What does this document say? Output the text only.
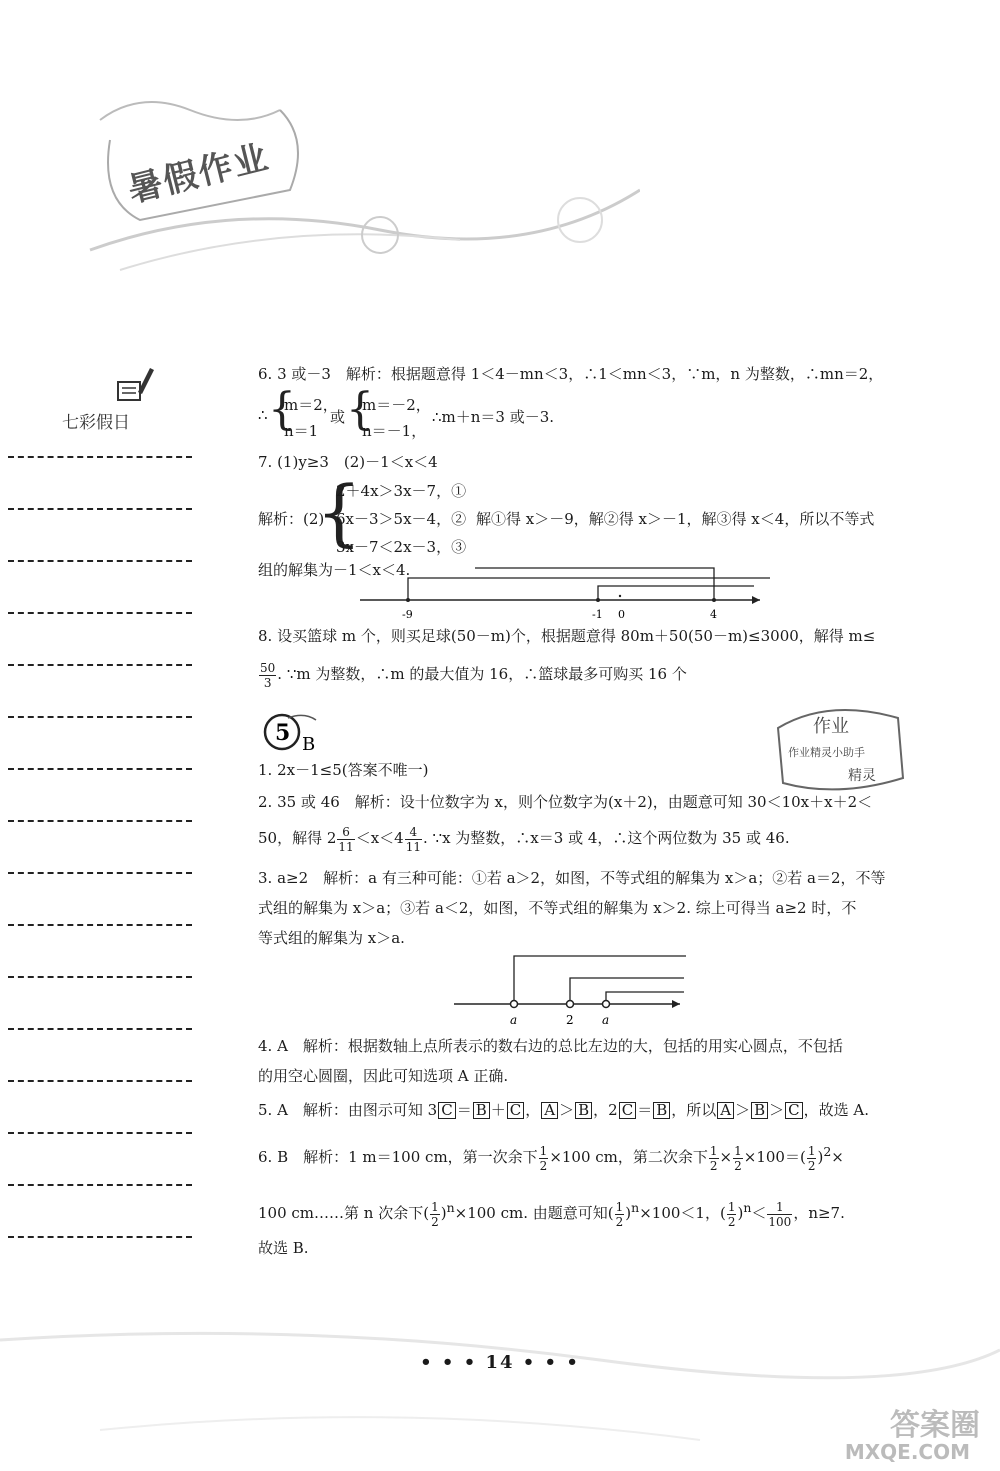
暑假作业
七彩假日
6. 3 或－3　解析：根据题意得 1＜4－mn＜3，∴1＜mn＜3，∵m，n 为整数，∴mn＝2，
∴ {
m＝2，
n＝1
或 {
m＝－2，
n＝－1，
∴m＋n＝3 或－3.
7. (1)y≥3　(2)－1＜x＜4
解析：(2)
{
2＋4x＞3x－7，①
6x－3＞5x－4，②
3x－7＜2x－3，③
解①得 x＞－9，解②得 x＞－1，解③得 x＜4，所以不等式
组的解集为－1＜x＜4.
-9	-1 0	4
8. 设买篮球 m 个，则买足球(50－m)个，根据题意得 80m＋50(50－m)≤3000，解得 m≤
$\frac{50}{3}$ . ∵m 为整数，∴m 的最大值为 16，∴篮球最多可购买 16 个
5 B
作业
作业精灵小助手
精灵
1. 2x－1≤5(答案不唯一)
2. 35 或 46　解析：设十位数字为 x，则个位数字为(x＋2)，由题意可知 30＜10x＋x＋2＜
50，解得 $2 \frac{6}{11} <x<4 \frac{4}{11}$ . ∵x 为整数，∴x＝3 或 4，∴这个两位数为 35 或 46.
3. a≥2　解析：a 有三种可能：①若 a＞2，如图，不等式组的解集为 x＞a；②若 a＝2，不等
式组的解集为 x＞a；③若 a＜2，如图，不等式组的解集为 x＞2. 综上可得当 a≥2 时，不
等式组的解集为 x＞a.
a	2 a
4. A　解析：根据数轴上点所表示的数右边的总比左边的大，包括的用实心圆点，不包括
的用空心圆圈，因此可知选项 A 正确.
5. A　解析：由图示可知 3 C ＝ B ＋ C ， A ＞ B ，2 C ＝ B ，所以 A ＞ B ＞ C ，故选 A.
6. B　解析：1 m＝100 cm，第一次余下 $\frac{1}{2} \times 100$ cm，第二次余下 $\frac{1}{2} \times \frac{1}{2} \times 100=( \frac{1}{2} )^2\times$
100 cm……第 n 次余下( $\frac{1}{2} )^n\times 100$ cm. 由题意可知( $\frac{1}{2} )^n\times 100<1$，( $\frac{1}{2} )^n< \frac{1}{100}$ ，n≥7.
故选 B.
• • • 14 • • •
答案圈
MXQE.COM
